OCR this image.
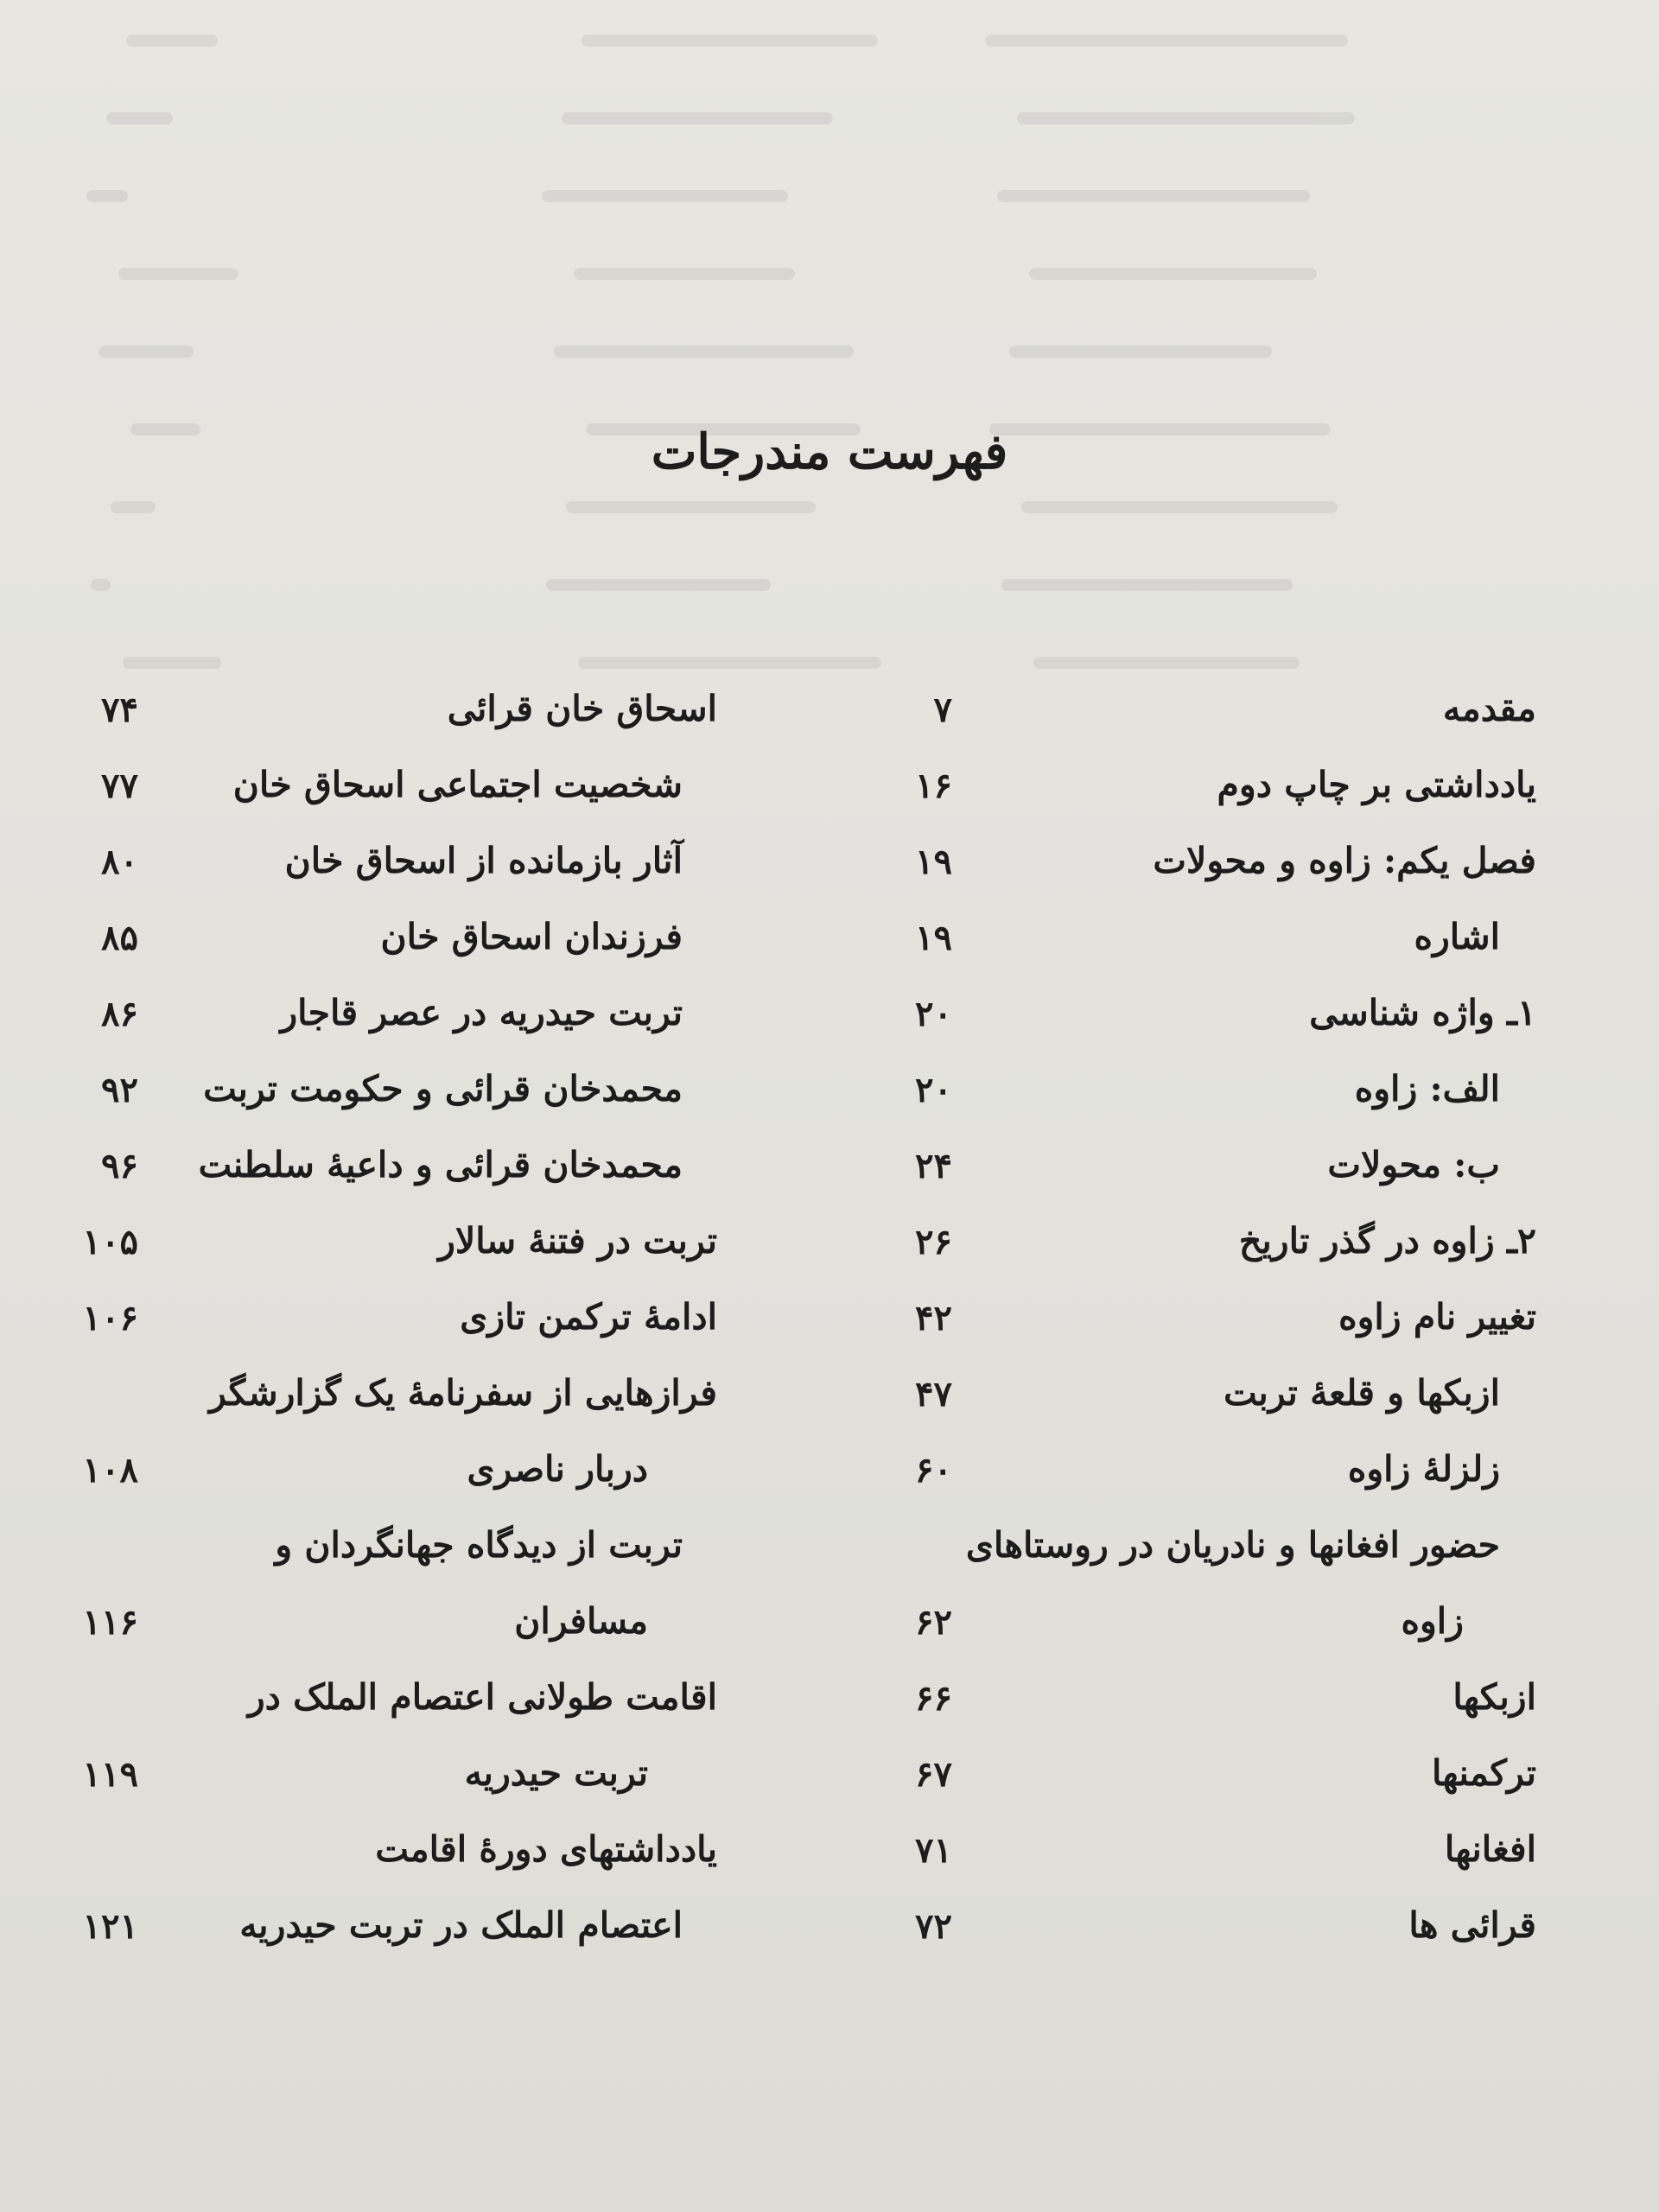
فهرست مندرجات
مقدمه
۷
یادداشتی بر چاپ دوم
۱۶
فصل یکم: زاوه و محولات
۱۹
اشاره
۱۹
۱ـ واژه شناسی
۲۰
الف: زاوه
۲۰
ب: محولات
۲۴
۲ـ زاوه در گذر تاریخ
۲۶
تغییر نام زاوه
۴۲
ازبکها و قلعهٔ تربت
۴۷
زلزلهٔ زاوه
۶۰
حضور افغانها و نادریان در روستاهای
زاوه
۶۲
ازبکها
۶۶
ترکمنها
۶۷
افغانها
۷۱
قرائی ها
۷۲
اسحاق خان قرائی
۷۴
شخصیت اجتماعی اسحاق خان
۷۷
آثار بازمانده از اسحاق خان
۸۰
فرزندان اسحاق خان
۸۵
تربت حیدریه در عصر قاجار
۸۶
محمدخان قرائی و حکومت تربت
۹۲
محمدخان قرائی و داعیهٔ سلطنت
۹۶
تربت در فتنهٔ سالار
۱۰۵
ادامهٔ ترکمن تازی
۱۰۶
فرازهایی از سفرنامهٔ یک گزارشگر
دربار ناصری
۱۰۸
تربت از دیدگاه جهانگردان و
مسافران
۱۱۶
اقامت طولانی اعتصام الملک در
تربت حیدریه
۱۱۹
یادداشتهای دورهٔ اقامت
اعتصام الملک در تربت حیدریه
۱۲۱
